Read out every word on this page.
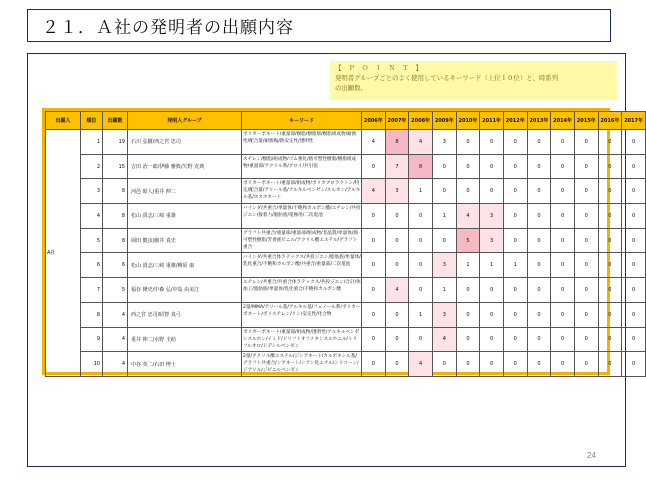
２１．Ａ社の発明者の出願内容
【 Ｐ Ｏ Ｉ Ｎ Ｔ 】
発明者グループごとのよく使用しているキーワード（上位１０位）と、時系列
の出願数。
出願人	順位	出願数	発明人グループ	キーワード	2006年	2007年	2008年	2009年	2010年	2011年	2012年	2013年	2014年	2015年	2016年	2017年
A社	1	19	石川 弘樹/西之宮 忠司	ポリカーボネート/重量部/樹脂/樹脂層/樹脂組成物/耐熱性/配合量/耐擦傷/熱安定性/透明性	4	8	4	3	0	0	0	0	0	0	0	0
	2	15	吉田 治一郎/伊藤 雅典/矢野 克典	スチレン/樹脂/組成物/ゴム強化/熱可塑性樹脂/樹脂組成物/重量部/アクリル系/アロイ/共引張	0	7	8	0	0	0	0	0	0	0	0	0
	3	8	河邑 昭人/重井 伸二	ポリカーボネート/重量部/組成物/ポリカプロラクトン/特定/配合量/アリール基/アルキルベンゼン/スルホン/アルキル基/ホスホネート	4	3	1	0	0	0	0	0	0	0	0	0
	4	8	松山 貴志/三崎 重雄	バインダ/共重合/単量体/不飽和カルボン酸/エチレン/共役ジエン/接着力/脂肪族/電極用/二次電池	0	0	0	1	4	3	0	0	0	0	0	0
	5	8	岡田 健彦/細井 真史	グラフト共重合/重量部/重量部/組成物/非晶質/単量体/熱可塑性樹脂/芳香族ビニル/アクリル酸エステル/グラフト重合	0	0	0	0	5	3	0	0	0	0	0	0
	6	6	松山 貴志/三崎 重雄/柳原 康	バインダ/共重合体ラテックス/共役ジエン/脂肪族/単量体/乳化重合/不飽和カルボン酸/共重合/重量部/二次電池	0	0	0	3	1	1	1	0	0	0	0	0
	7	5	福谷 隆史/中森 弘/中島 由美江	エチレン/共重合/共重合体ラテックス/共役ジエン/合計/体加工/脂肪族/単量体/乳化重合/不飽和カルボン酸	0	4	0	1	0	0	0	0	0	0	0	0
	8	4	西之宮 忠司/昭智 真弓	2量/MMA/アリール基/アルキル基/フェノール系/ポリカーボネート/ポリスチレン/リン/安定性/化合物	0	0	1	3	0	0	0	0	0	0	0	0
	9	4	重井 伸二/水野 圭助	ポリカーボネート/重量部/組成物/透明性/アルキルベンゼンスルホン/イミド/ドリフトオフメタンスルホニル/トリフルオロ/ドデシルベンゼン	0	0	0	4	0	0	0	0	0	0	0	0
	10	4	中谷 英二/石田 博士	2量/アクリル酸エステル/ジシアネート/カルボキシル基/グラフト共重合/シアネート/シアン化エチル/シリコーン/ジアリル/ジビニルベンゼン	0	0	4	0	0	0	0	0	0	0	0	0
24
